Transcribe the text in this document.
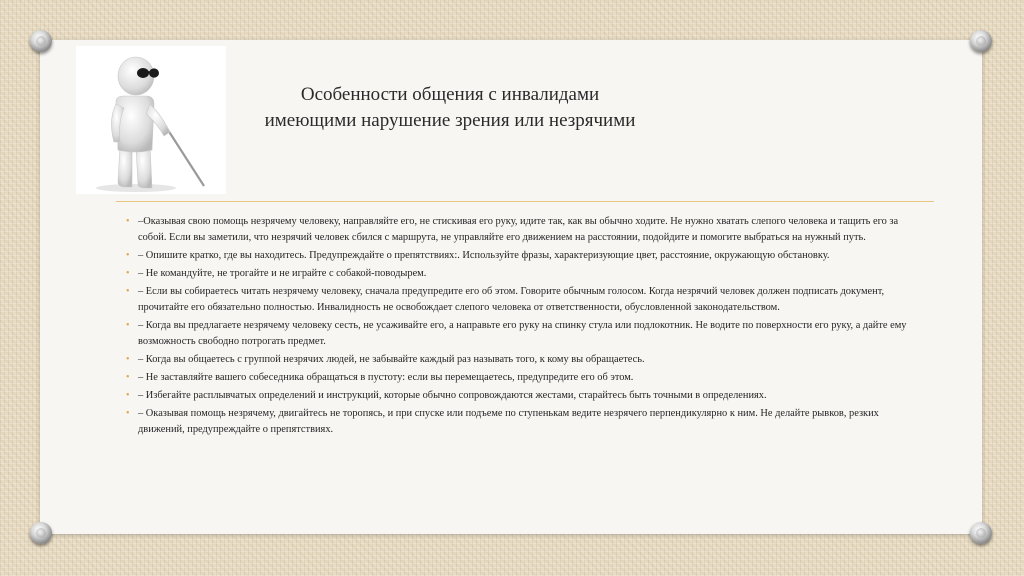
Особенности общения с инвалидами
имеющими нарушение зрения или незрячими
• –Оказывая свою помощь незрячему человеку, направляйте его, не стискивая его руку, идите так, как вы обычно ходите. Не нужно хватать слепого человека и тащить его за собой. Если вы заметили, что незрячий человек сбился с маршрута, не управляйте его движением на расстоянии, подойдите и помогите выбраться на нужный путь.
• – Опишите кратко, где вы находитесь. Предупреждайте о препятствиях:. Используйте фразы, характеризующие цвет, расстояние, окружающую обстановку.
• – Не командуйте, не трогайте и не играйте с собакой-поводырем.
• – Если вы собираетесь читать незрячему человеку, сначала предупредите его об этом. Говорите обычным голосом. Когда незрячий человек должен подписать документ, прочитайте его обязательно полностью. Инвалидность не освобождает слепого человека от ответственности, обусловленной законодательством.
• – Когда вы предлагаете незрячему человеку сесть, не усаживайте его, а направьте его руку на спинку стула или подлокотник. Не водите по поверхности его руку, а дайте ему возможность свободно потрогать предмет.
• – Когда вы общаетесь с группой незрячих людей, не забывайте каждый раз называть того, к кому вы обращаетесь.
• – Не заставляйте вашего собеседника обращаться в пустоту: если вы перемещаетесь, предупредите его об этом.
• – Избегайте расплывчатых определений и инструкций, которые обычно сопровождаются жестами, старайтесь быть точными в определениях.
• – Оказывая помощь незрячему, двигайтесь не торопясь, и при спуске или подъеме по ступенькам ведите незрячего перпендикулярно к ним. Не делайте рывков, резких движений, предупреждайте о препятствиях.
